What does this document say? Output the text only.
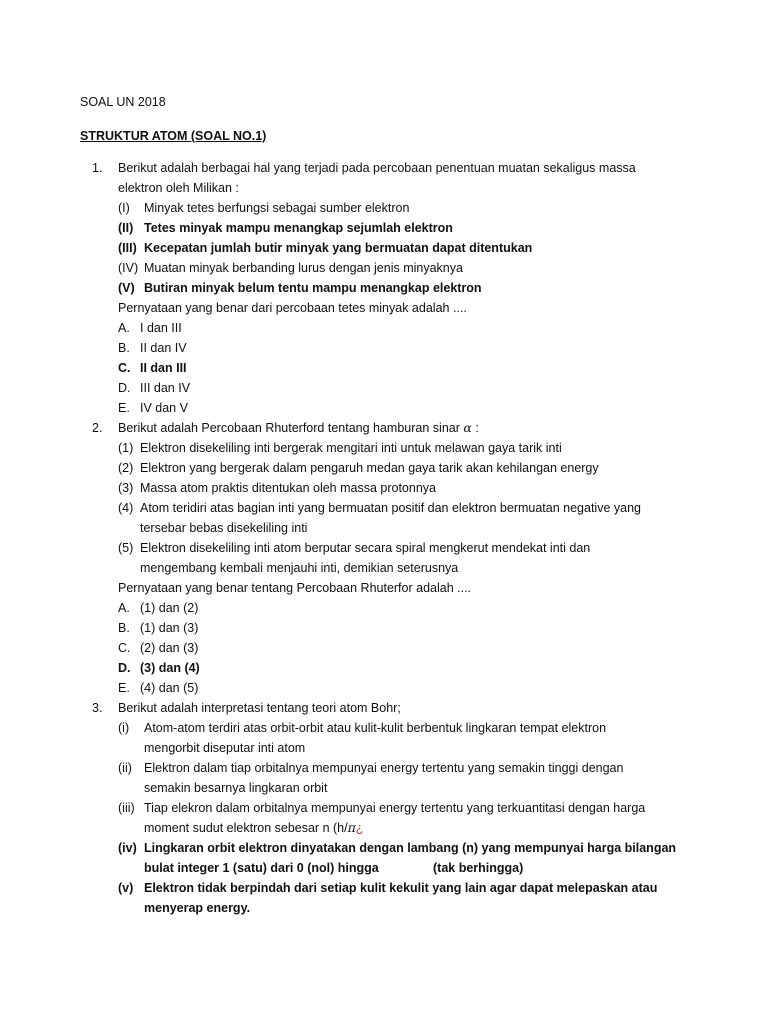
SOAL UN 2018
STRUKTUR ATOM (SOAL NO.1)
1. Berikut adalah berbagai hal yang terjadi pada percobaan penentuan muatan sekaligus massa
elektron oleh Milikan :
(I) Minyak tetes berfungsi sebagai sumber elektron
(II) Tetes minyak mampu menangkap sejumlah elektron
(III) Kecepatan jumlah butir minyak yang bermuatan dapat ditentukan
(IV) Muatan minyak berbanding lurus dengan jenis minyaknya
(V) Butiran minyak belum tentu mampu menangkap elektron
Pernyataan yang benar dari percobaan tetes minyak adalah ....
A. I dan III
B. II dan IV
C. II dan III
D. III dan IV
E. IV dan V
2. Berikut adalah Percobaan Rhuterford tentang hamburan sinar α :
(1) Elektron disekeliling inti bergerak mengitari inti untuk melawan gaya tarik inti
(2) Elektron yang bergerak dalam pengaruh medan gaya tarik akan kehilangan energy
(3) Massa atom praktis ditentukan oleh massa protonnya
(4) Atom teridiri atas bagian inti yang bermuatan positif dan elektron bermuatan negative yang
tersebar bebas disekeliling inti
(5) Elektron disekeliling inti atom berputar secara spiral mengkerut mendekat inti dan
mengembang kembali menjauhi inti, demikian seterusnya
Pernyataan yang benar tentang Percobaan Rhuterfor adalah ....
A. (1) dan (2)
B. (1) dan (3)
C. (2) dan (3)
D. (3) dan (4)
E. (4) dan (5)
3. Berikut adalah interpretasi tentang teori atom Bohr;
(i) Atom-atom terdiri atas orbit-orbit atau kulit-kulit berbentuk lingkaran tempat elektron
mengorbit diseputar inti atom
(ii) Elektron dalam tiap orbitalnya mempunyai energy tertentu yang semakin tinggi dengan
semakin besarnya lingkaran orbit
(iii) Tiap elekron dalam orbitalnya mempunyai energy tertentu yang terkuantitasi dengan harga
moment sudut elektron sebesar n (h/π¿
(iv) Lingkaran orbit elektron dinyatakan dengan lambang (n) yang mempunyai harga bilangan
bulat integer 1 (satu) dari 0 (nol) hingga	(tak berhingga)
(v) Elektron tidak berpindah dari setiap kulit kekulit yang lain agar dapat melepaskan atau
menyerap energy.
